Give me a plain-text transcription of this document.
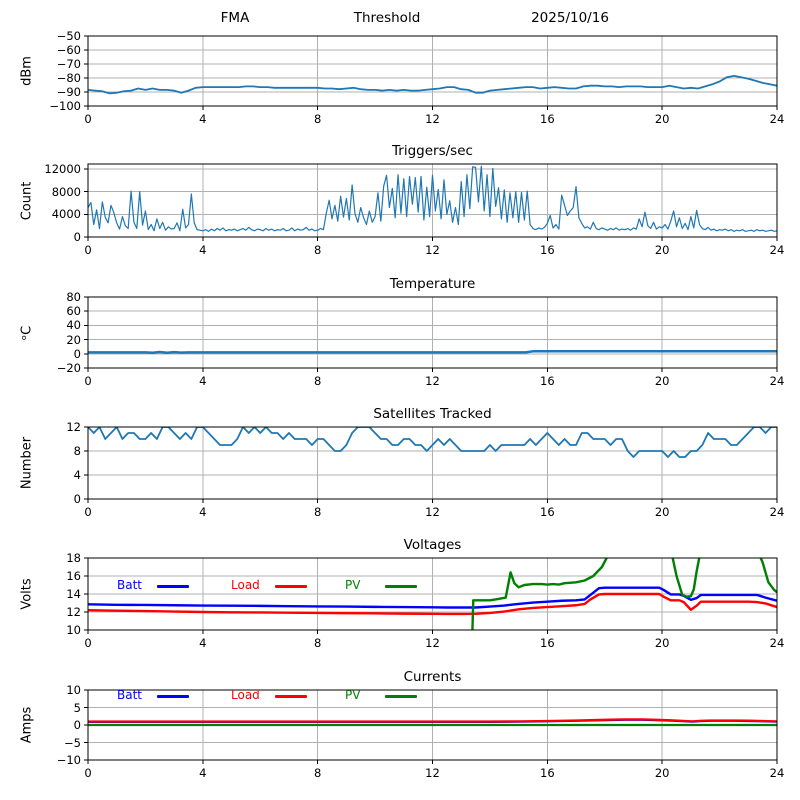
FMA	Threshold	2025/10/16
Triggers/sec
Temperature
Satellites Tracked
Voltages
Currents
dBm
Count
ᵒC
Number
Volts
Amps
0	4	8	12	16	20	24
−100
−90
−80
−70
−60
−50
0	4	8	12	16	20	24
0
4000
8000
12000
0	4	8	12	16	20	24
−20
0
20
40
60
80
0	4	8	12	16	20	24
0
4
8
12
0	4	8	12	16	20	24
10
12
14
16
18
0	4	8	12	16	20	24
−10
−5
0
5
10
Batt	Load	PV
Batt	Load	PV
